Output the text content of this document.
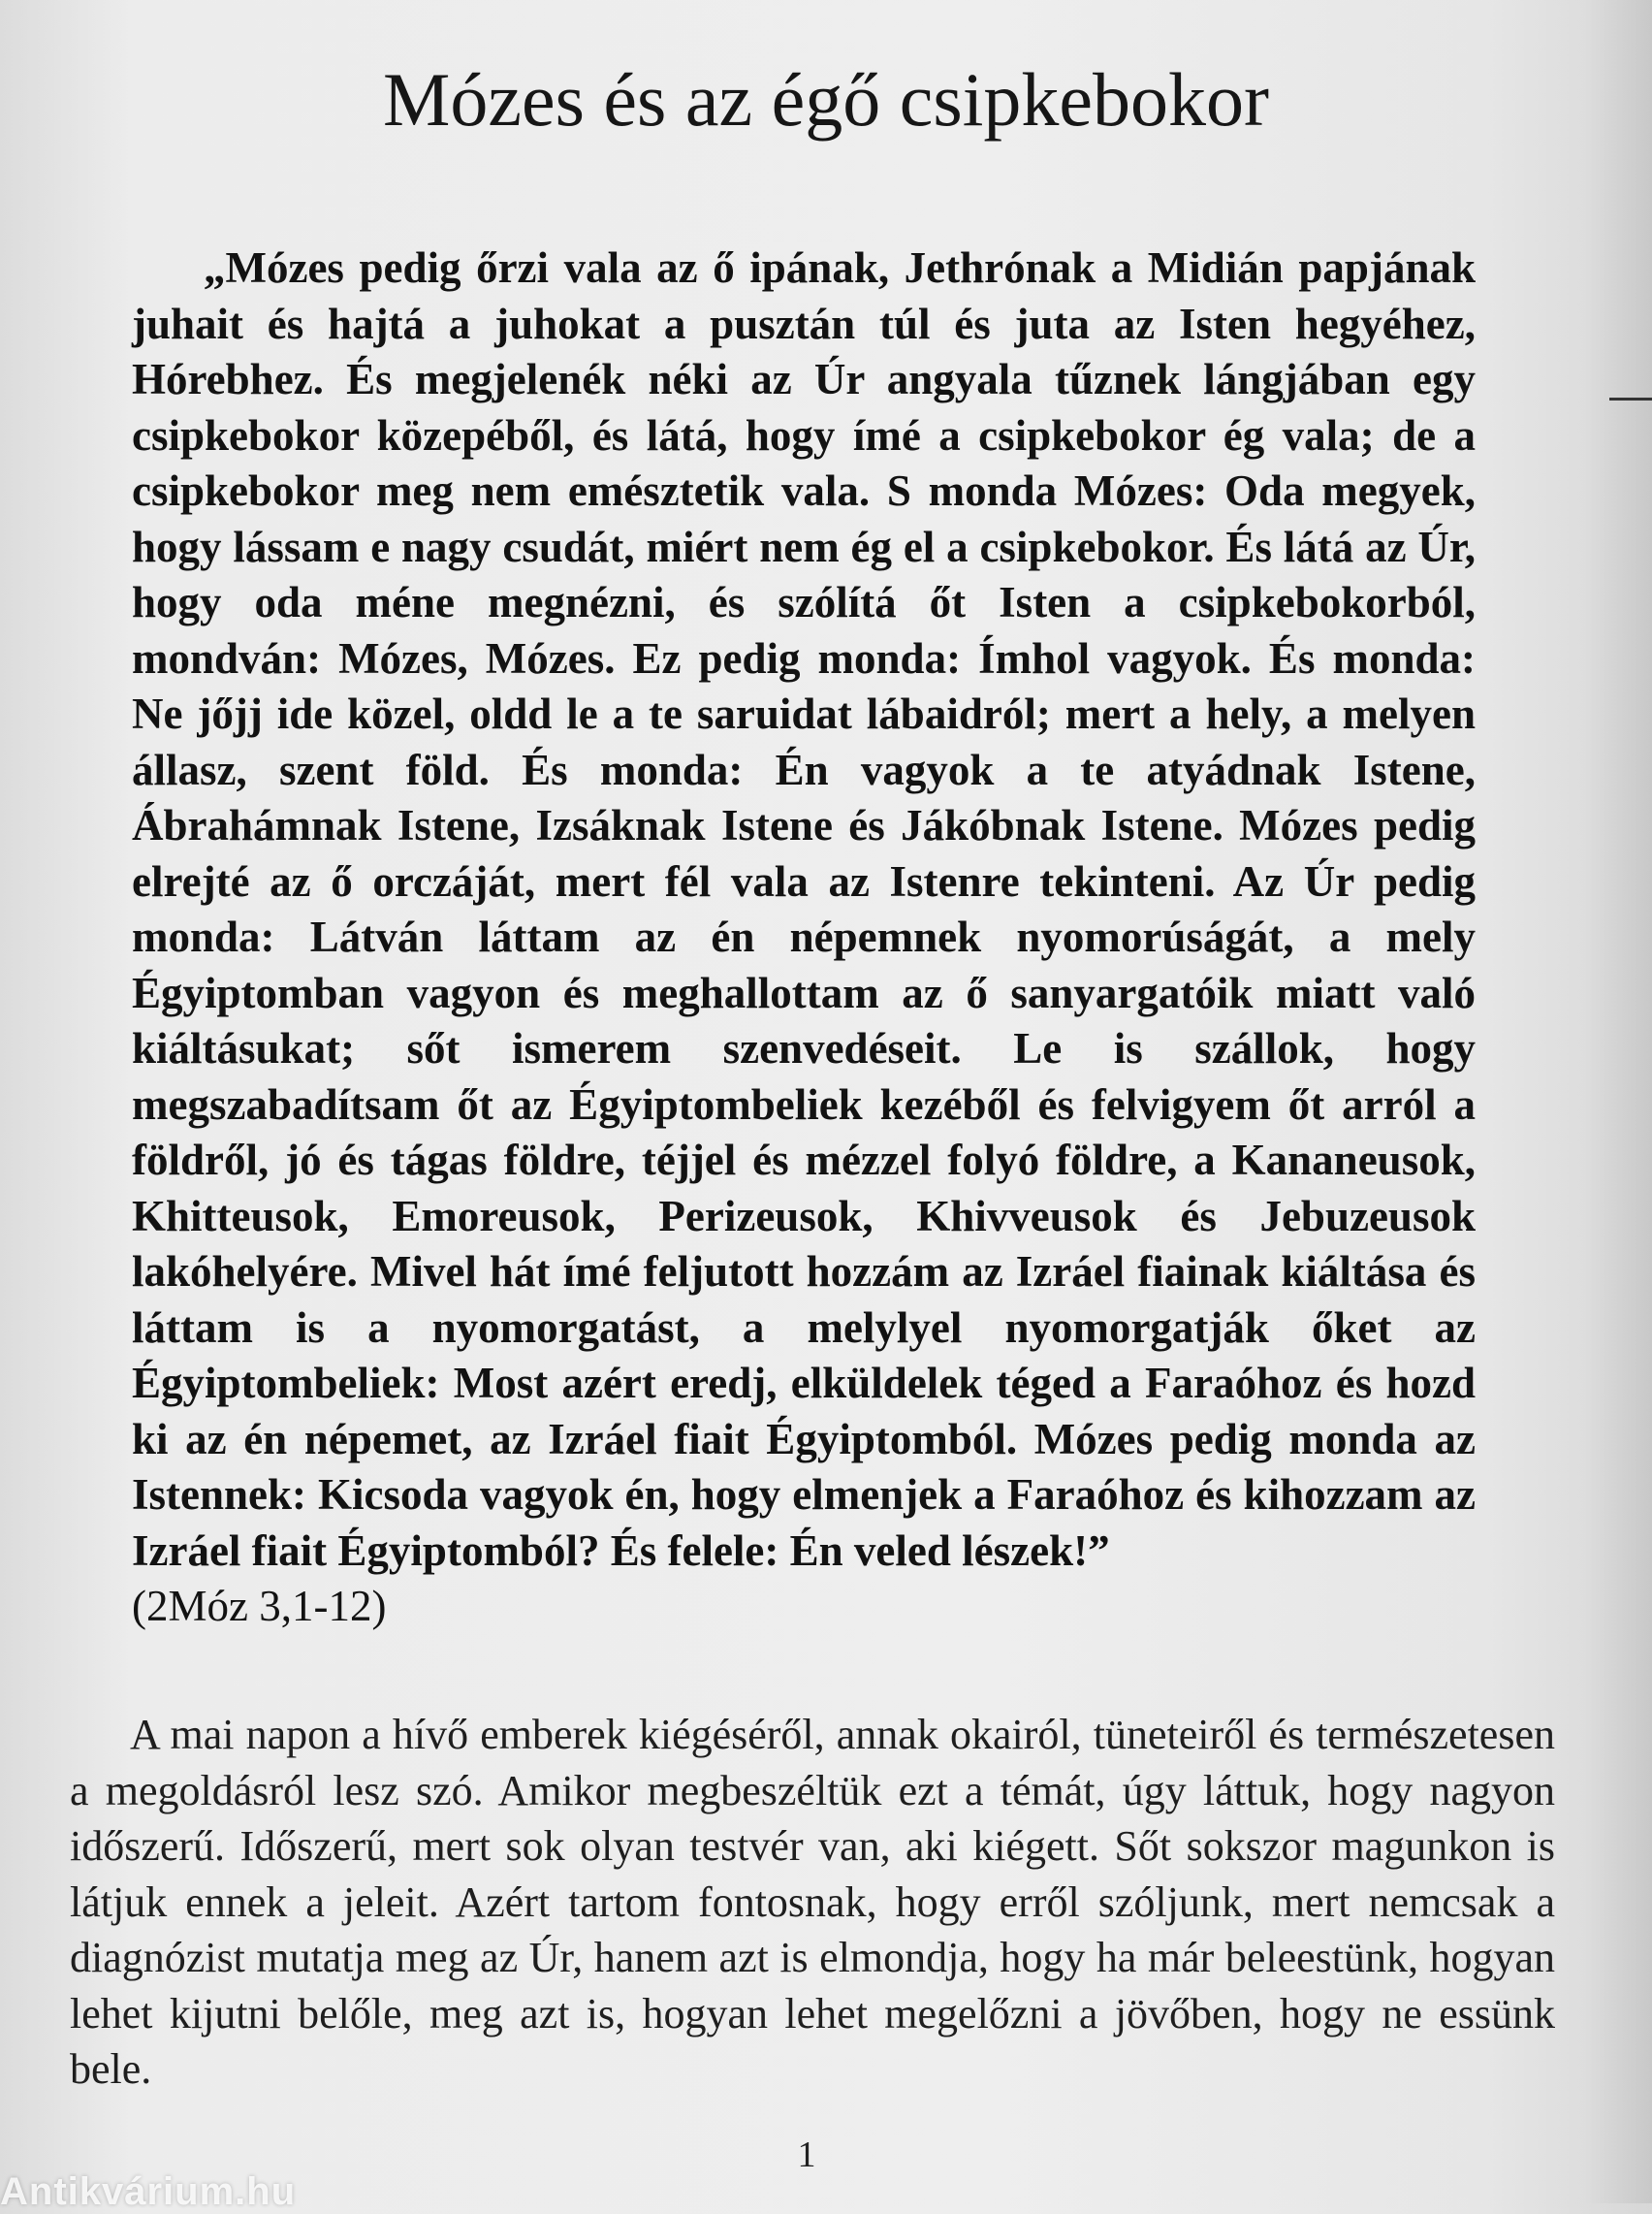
Mózes és az égő csipkebokor
„Mózes pedig őrzi vala az ő ipának, Jethrónak a Midián papjának juhait és hajtá a juhokat a pusztán túl és juta az Isten hegyéhez, Hórebhez. És megjelenék néki az Úr angyala tűznek lángjában egy csipkebokor közepéből, és látá, hogy ímé a csipkebokor ég vala; de a csipkebokor meg nem emésztetik vala. S monda Mózes: Oda megyek, hogy lássam e nagy csudát, miért nem ég el a csipkebokor. És látá az Úr, hogy oda méne megnézni, és szólítá őt Isten a csipkebokorból, mondván: Mózes, Mózes. Ez pedig monda: Ímhol vagyok. És monda: Ne jőjj ide közel, oldd le a te saruidat lábaidról; mert a hely, a melyen állasz, szent föld. És monda: Én vagyok a te atyádnak Istene, Ábrahámnak Istene, Izsáknak Istene és Jákóbnak Istene. Mózes pedig elrejté az ő orczáját, mert fél vala az Istenre tekinteni. Az Úr pedig monda: Látván láttam az én népemnek nyomorúságát, a mely Égyiptomban vagyon és meghallottam az ő sanyargatóik miatt való kiáltásukat; sőt ismerem szenvedéseit. Le is szállok, hogy megszabadítsam őt az Égyiptombeliek kezéből és felvigyem őt arról a földről, jó és tágas földre, téjjel és mézzel folyó földre, a Kananeusok, Khitteusok, Emoreusok, Perizeusok, Khivveusok és Jebuzeusok lakóhelyére. Mivel hát ímé feljutott hozzám az Izráel fiainak kiáltása és láttam is a nyomorgatást, a melylyel nyomorgatják őket az Égyiptombeliek: Most azért eredj, elküldelek téged a Faraóhoz és hozd ki az én népemet, az Izráel fiait Égyiptomból. Mózes pedig monda az Istennek: Kicsoda vagyok én, hogy elmenjek a Faraóhoz és kihozzam az Izráel fiait Égyiptomból? És felele: Én veled lészek!”
(2Móz 3,1-12)

A mai napon a hívő emberek kiégéséről, annak okairól, tüneteiről és természetesen a megoldásról lesz szó. Amikor megbeszéltük ezt a témát, úgy láttuk, hogy nagyon időszerű. Időszerű, mert sok olyan testvér van, aki kiégett. Sőt sokszor magunkon is látjuk ennek a jeleit. Azért tartom fontosnak, hogy erről szóljunk, mert nemcsak a diagnózist mutatja meg az Úr, hanem azt is elmondja, hogy ha már beleestünk, hogyan lehet kijutni belőle, meg azt is, hogyan lehet megelőzni a jövőben, hogy ne essünk bele.

1
Antikvárium.hu
